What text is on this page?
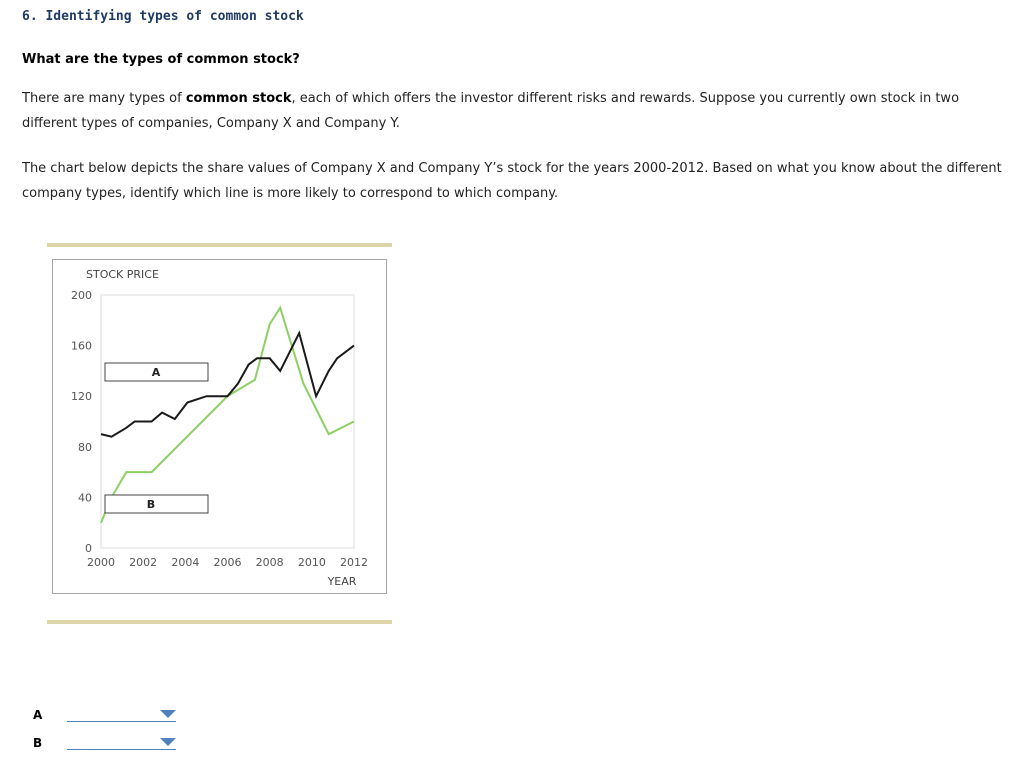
6. Identifying types of common stock
What are the types of common stock?
There are many types of common stock, each of which offers the investor different risks and rewards. Suppose you currently own stock in two different types of companies, Company X and Company Y.
The chart below depicts the share values of Company X and Company Y’s stock for the years 2000-2012. Based on what you know about the different company types, identify which line is more likely to correspond to which company.
0
40
80
120
160
200
2000 2002 2004 2006 2008 2010 2012
STOCK PRICE
YEAR
A
B
A
B
